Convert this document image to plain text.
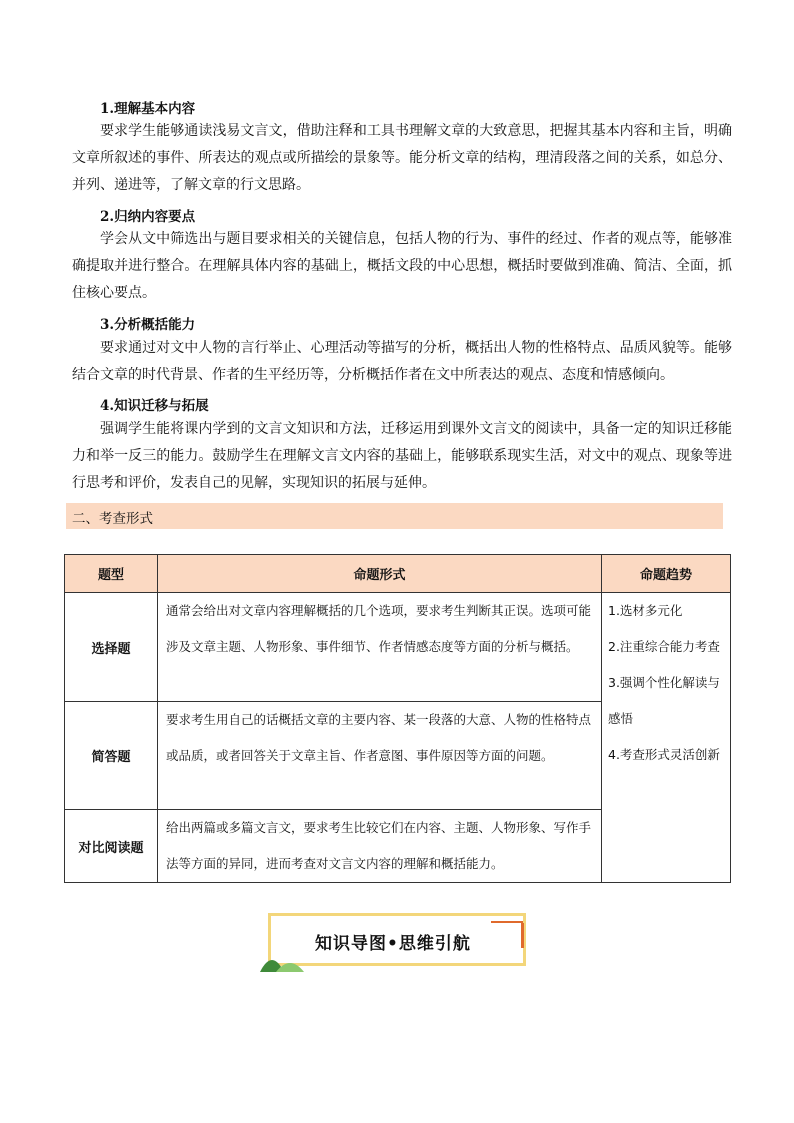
1.理解基本内容
要求学生能够通读浅易文言文，借助注释和工具书理解文章的大致意思，把握其基本内容和主旨，明确文章所叙述的事件、所表达的观点或所描绘的景象等。能分析文章的结构，理清段落之间的关系，如总分、并列、递进等，了解文章的行文思路。
2.归纳内容要点
学会从文中筛选出与题目要求相关的关键信息，包括人物的行为、事件的经过、作者的观点等，能够准确提取并进行整合。在理解具体内容的基础上，概括文段的中心思想，概括时要做到准确、简洁、全面，抓住核心要点。
3.分析概括能力
要求通过对文中人物的言行举止、心理活动等描写的分析，概括出人物的性格特点、品质风貌等。能够结合文章的时代背景、作者的生平经历等，分析概括作者在文中所表达的观点、态度和情感倾向。
4.知识迁移与拓展
强调学生能将课内学到的文言文知识和方法，迁移运用到课外文言文的阅读中，具备一定的知识迁移能力和举一反三的能力。鼓励学生在理解文言文内容的基础上，能够联系现实生活，对文中的观点、现象等进行思考和评价，发表自己的见解，实现知识的拓展与延伸。
二、考查形式
题型	命题形式	命题趋势
选择题	通常会给出对文章内容理解概括的几个选项，要求考生判断其正误。选项可能涉及文章主题、人物形象、事件细节、作者情感态度等方面的分析与概括。	1.选材多元化
2.注重综合能力考查
3.强调个性化解读与感悟
4.考查形式灵活创新

简答题	要求考生用自己的话概括文章的主要内容、某一段落的大意、人物的性格特点或品质，或者回答关于文章主旨、作者意图、事件原因等方面的问题。	
对比阅读题	给出两篇或多篇文言文，要求考生比较它们在内容、主题、人物形象、写作手法等方面的异同，进而考查对文言文内容的理解和概括能力。	
知识导图•思维引航
